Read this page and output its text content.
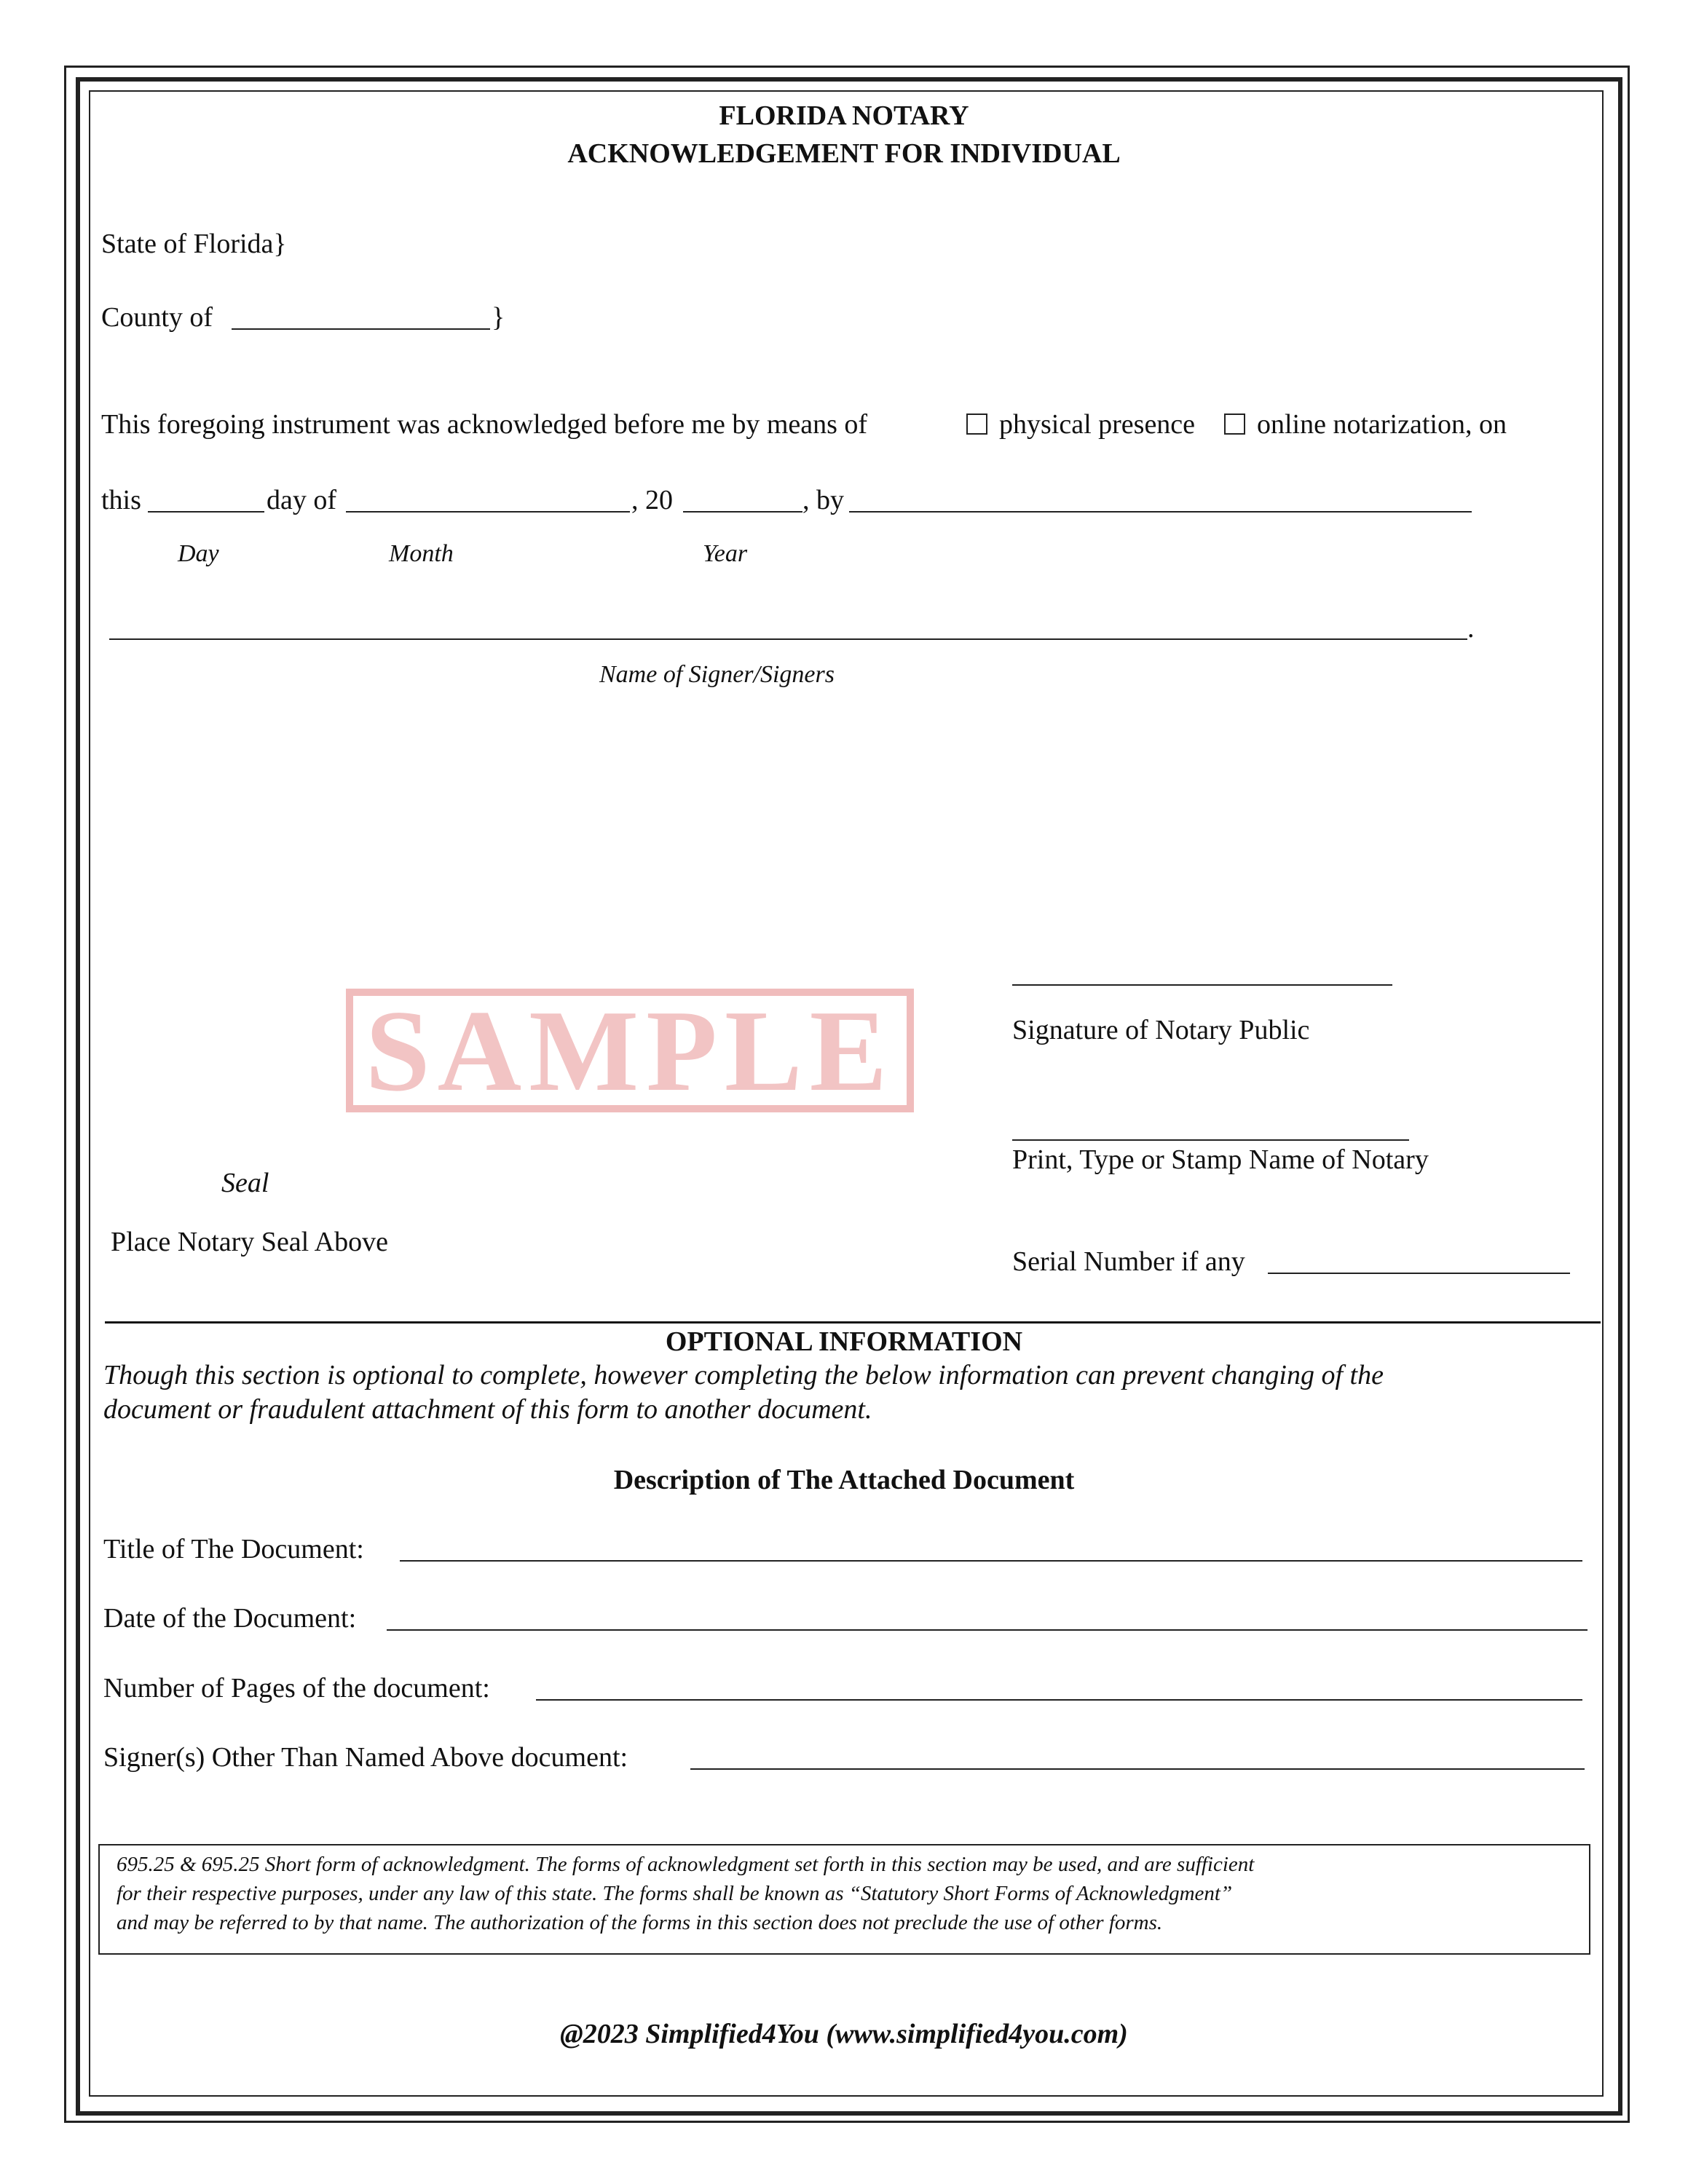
FLORIDA NOTARY
ACKNOWLEDGEMENT FOR INDIVIDUAL
State of Florida}
County of	}
This foregoing instrument was acknowledged before me by means of	physical presence online notarization, on
this	day of	, 20	, by
Day	Month	Year
.
Name of Signer/Signers
SAMPLE	Signature of Notary Public
Print, Type or Stamp Name of Notary
Seal
Place Notary Seal Above
Serial Number if any
OPTIONAL INFORMATION
Though this section is optional to complete, however completing the below information can prevent changing of the
document or fraudulent attachment of this form to another document.
Description of The Attached Document
Title of The Document:
Date of the Document:
Number of Pages of the document:
Signer(s) Other Than Named Above document:
695.25 & 695.25 Short form of acknowledgment. The forms of acknowledgment set forth in this section may be used, and are sufficient
for their respective purposes, under any law of this state. The forms shall be known as “Statutory Short Forms of Acknowledgment”
and may be referred to by that name. The authorization of the forms in this section does not preclude the use of other forms.
@2023 Simplified4You (www.simplified4you.com)
